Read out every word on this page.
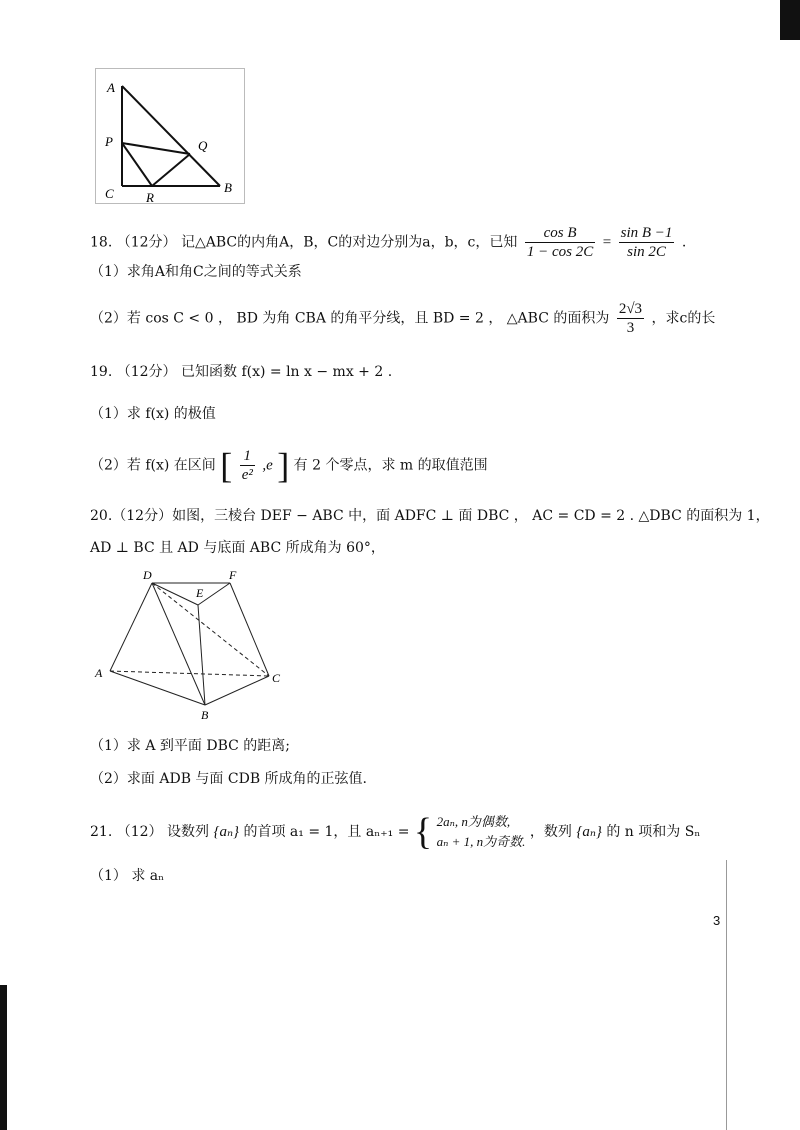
A
P	Q
C R
B
18. （12分） 记△ABC的内角A，B，C的对边分别为a，b，c，已知 $\frac{\text{cos B}}{1 - \cos 2C} = \frac{\text{sin B −1}}{\sin 2C}$ .
（1）求角A和角C之间的等式关系
（2）若 cos C < 0 ， BD 为角 CBA 的角平分线，且 BD = 2 ， △ABC 的面积为 $\frac{2√3}{3}$ ，求c的长
19. （12分） 已知函数 f(x) = ln x − mx + 2 .
（1）求 f(x) 的极值
（2）若 f(x) 在区间 [ $\frac{1}{\text{e²}} ,e$ ] 有 2 个零点，求 m 的取值范围
20.（12分）如图，三棱台 DEF − ABC 中，面 ADFC ⊥ 面 DBC ， AC = CD = 2 . △DBC 的面积为 1，
AD ⊥ BC 且 AD 与底面 ABC 所成角为 60°，
D	F
E
A	C
B
（1）求 A 到平面 DBC 的距离;
（2）求面 ADB 与面 CDB 所成角的正弦值.
21. （12） 设数列 {aₙ} 的首项 a₁ = 1，且 aₙ₊₁ = { 2aₙ, n为偶数,
aₙ + 1, n为奇数.
，数列 {aₙ} 的 n 项和为 Sₙ
（1） 求 aₙ
3
